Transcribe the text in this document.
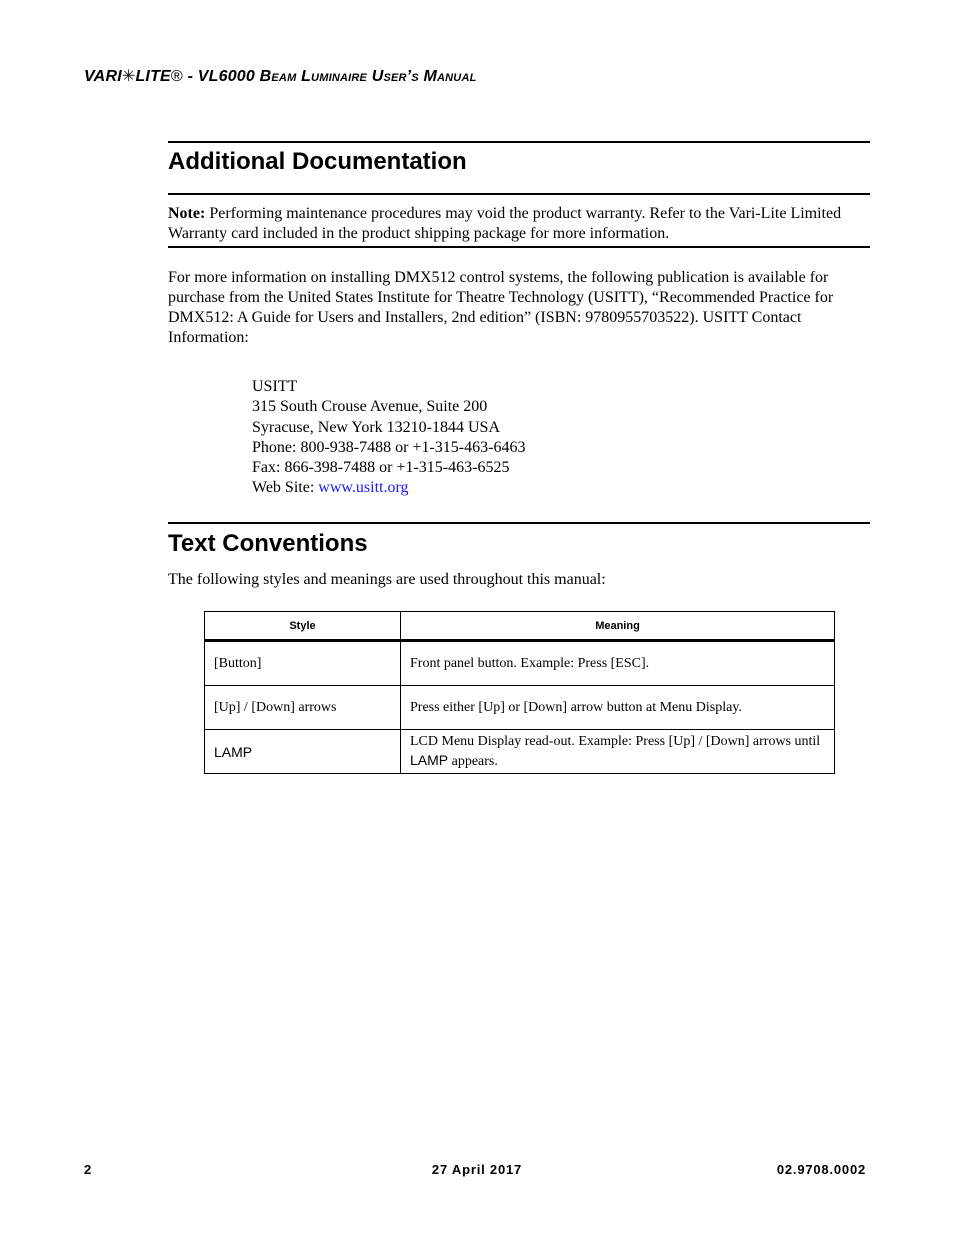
VARI✳LITE® - VL6000 Beam Luminaire User’s Manual
Additional Documentation
Note: Performing maintenance procedures may void the product warranty. Refer to the Vari-Lite Limited Warranty card included in the product shipping package for more information.
For more information on installing DMX512 control systems, the following publication is available for purchase from the United States Institute for Theatre Technology (USITT), “Recommended Practice for DMX512: A Guide for Users and Installers, 2nd edition” (ISBN: 9780955703522). USITT Contact Information:
USITT
315 South Crouse Avenue, Suite 200
Syracuse, New York 13210-1844 USA
Phone: 800-938-7488 or +1-315-463-6463
Fax: 866-398-7488 or +1-315-463-6525
Web Site: www.usitt.org
Text Conventions
The following styles and meanings are used throughout this manual:
Style	Meaning
[Button]	Front panel button. Example: Press [ESC].
[Up] / [Down] arrows	Press either [Up] or [Down] arrow button at Menu Display.
LAMP	LCD Menu Display read-out. Example: Press [Up] / [Down] arrows until LAMP appears.
2	27 April 2017	02.9708.0002
